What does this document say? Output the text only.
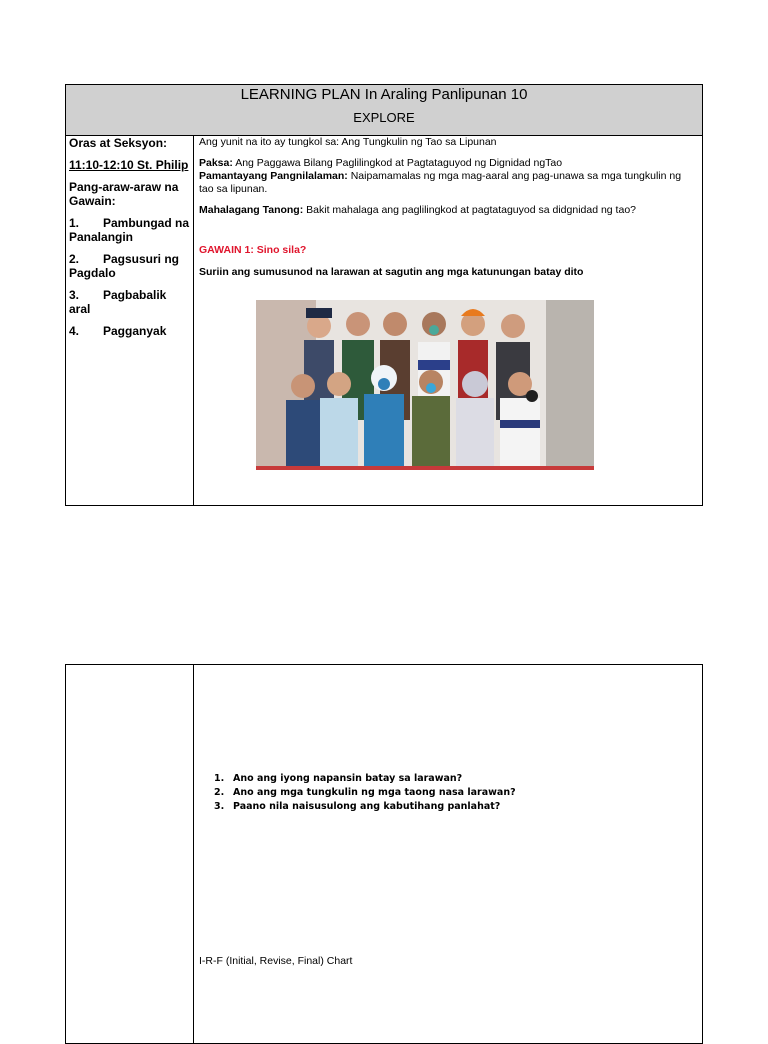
LEARNING PLAN In Araling Panlipunan 10
EXPLORE

Oras at Seksyon:

11:10-12:10 St. Philip

Pang-araw-araw na Gawain:

1. Pambungad na Panalangin

2. Pagsusuri ng Pagdalo

3. Pagbabalik aral

4. Pagganyak

Ang yunit na ito ay tungkol sa: Ang Tungkulin ng Tao sa Lipunan

Paksa: Ang Paggawa Bilang Paglilingkod at Pagtataguyod ng Dignidad ngTao

Pamantayang Pangnilalaman: Naipamamalas ng mga mag-aaral ang pag-unawa sa mga tungkulin ng tao sa lipunan.

Mahalagang Tanong: Bakit mahalaga ang paglilingkod at pagtataguyod sa didgnidad ng tao?

GAWAIN 1: Sino sila?

Suriin ang sumusunod na larawan at sagutin ang mga katunungan batay dito

1. Ano ang iyong napansin batay sa larawan?
2. Ano ang mga tungkulin ng mga taong nasa larawan?
3. Paano nila naisusulong ang kabutihang panlahat?
I-R-F (Initial, Revise, Final) Chart
